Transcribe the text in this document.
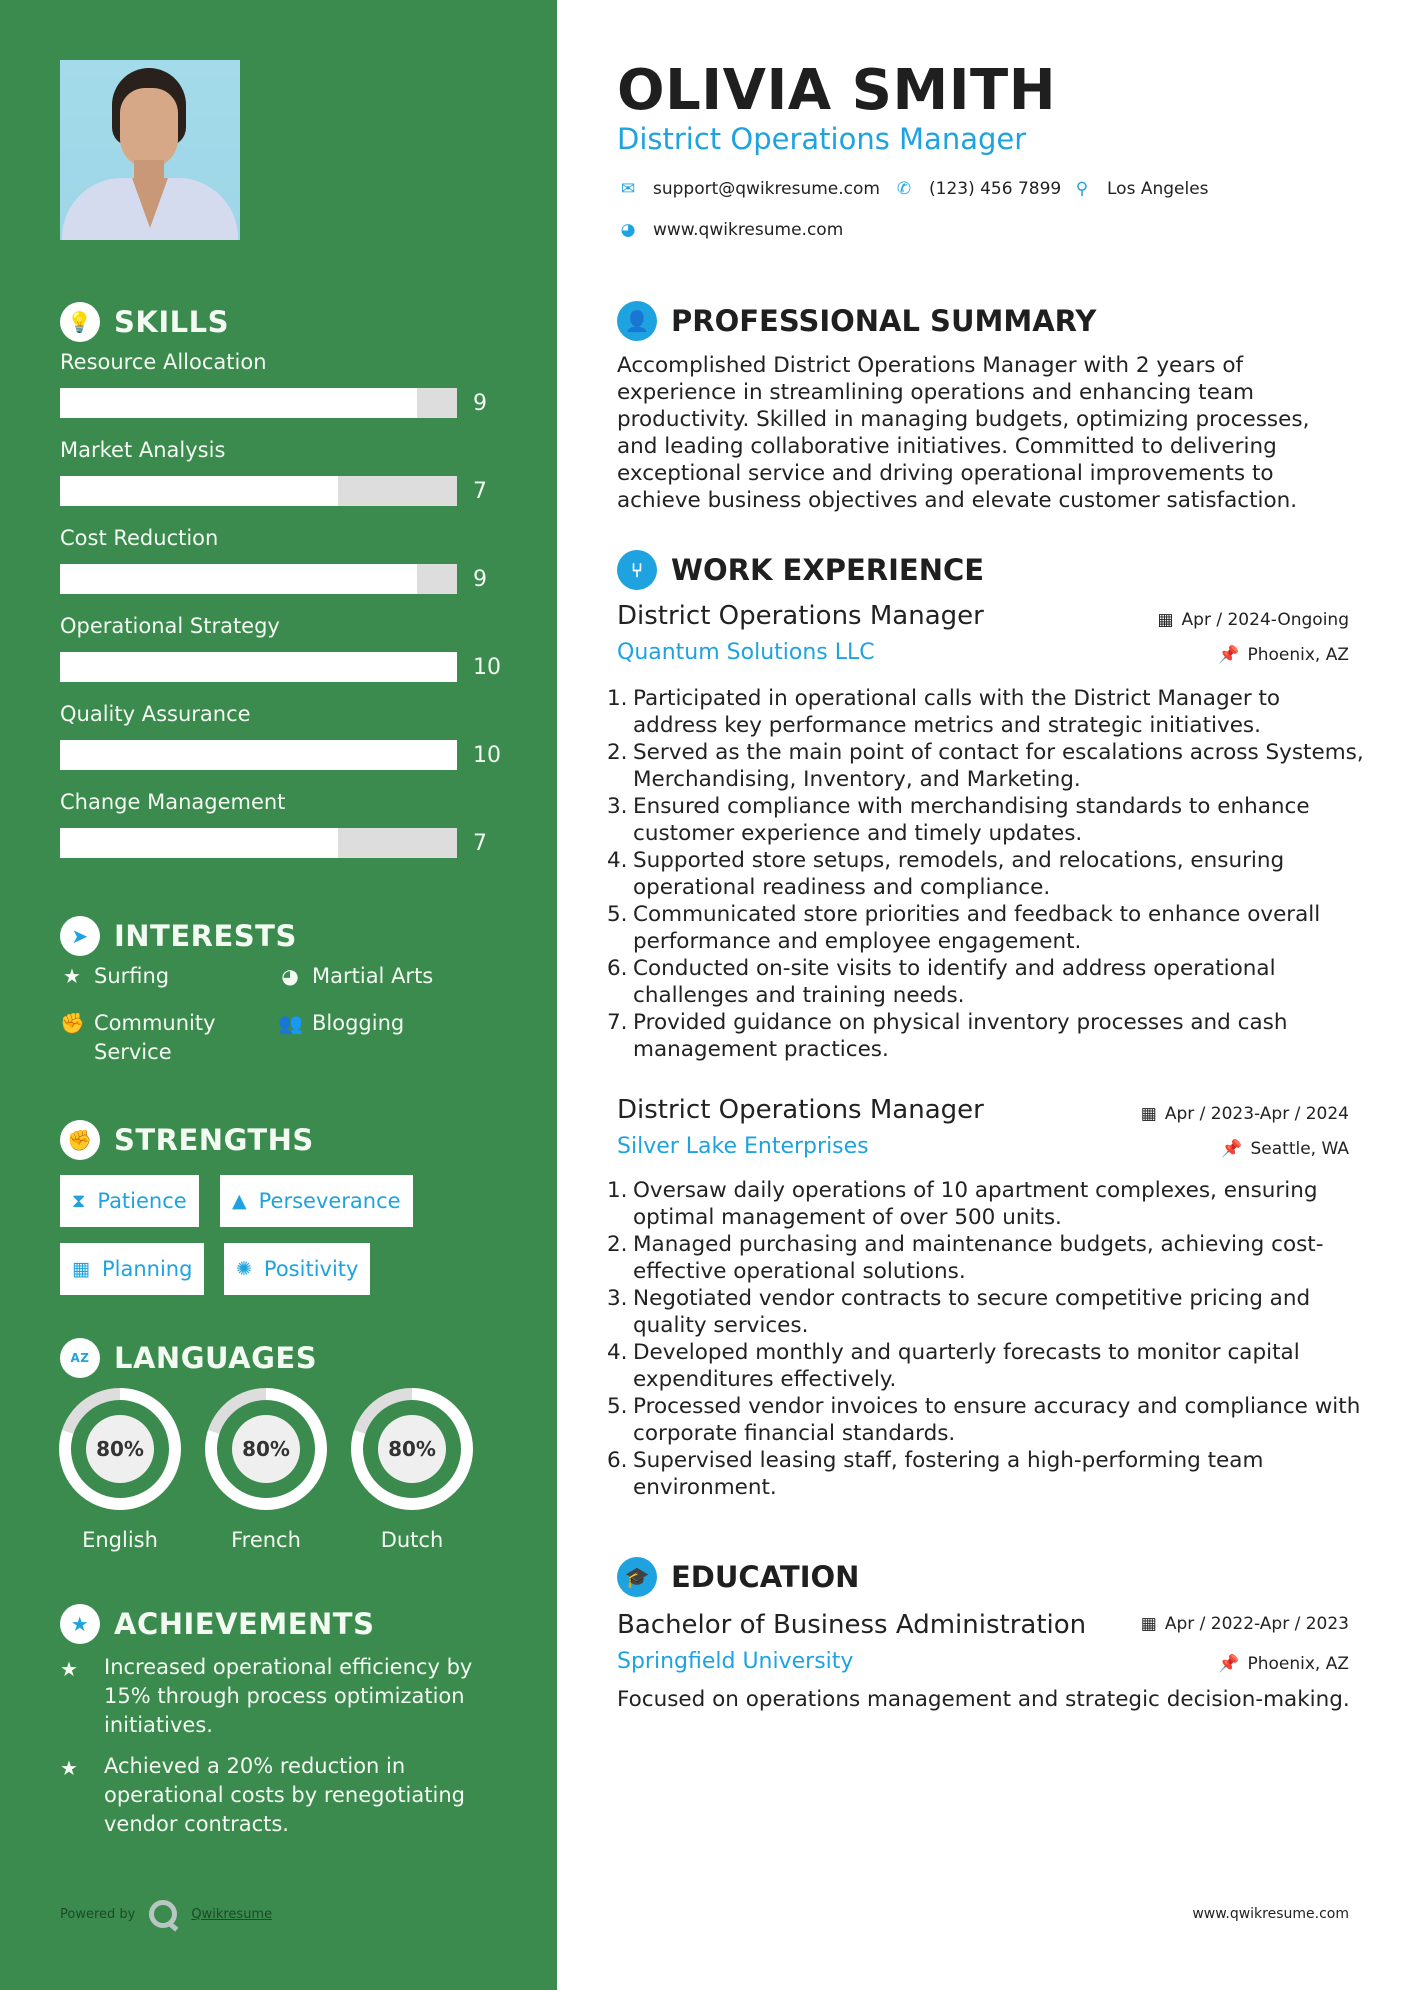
💡 SKILLS
Resource Allocation
9
Market Analysis
7
Cost Reduction
9
Operational Strategy
10
Quality Assurance
10
Change Management
7
➤ INTERESTS
★ Surfing	◕ Martial Arts
✊ Community
Service
👥 Blogging
✊ STRENGTHS
⧗ Patience ▲ Perseverance
▦ Planning ✺ Positivity
AZ LANGUAGES
80%
English
80%
French
80%
Dutch
★ ACHIEVEMENTS
★	Increased operational efficiency by 15% through process optimization initiatives.
★	Achieved a 20% reduction in operational costs by renegotiating vendor contracts.
Powered by	Qwikresume
OLIVIA SMITH
District Operations Manager
✉ support@qwikresume.com ✆ (123) 456 7899 ⚲ Los Angeles
◕ www.qwikresume.com
👤 PROFESSIONAL SUMMARY

Accomplished District Operations Manager with 2 years of experience in streamlining operations and enhancing team productivity. Skilled in managing budgets, optimizing processes, and leading collaborative initiatives. Committed to delivering exceptional service and driving operational improvements to achieve business objectives and elevate customer satisfaction.

⑂ WORK EXPERIENCE
District Operations Manager	▦ Apr / 2024-Ongoing
Quantum Solutions LLC	📌 Phoenix, AZ
1. Participated in operational calls with the District Manager to address key performance metrics and strategic initiatives.
2. Served as the main point of contact for escalations across Systems, Merchandising, Inventory, and Marketing.
3. Ensured compliance with merchandising standards to enhance customer experience and timely updates.
4. Supported store setups, remodels, and relocations, ensuring operational readiness and compliance.
5. Communicated store priorities and feedback to enhance overall performance and employee engagement.
6. Conducted on-site visits to identify and address operational challenges and training needs.
7. Provided guidance on physical inventory processes and cash management practices.
District Operations Manager	▦ Apr / 2023-Apr / 2024
Silver Lake Enterprises	📌 Seattle, WA
1. Oversaw daily operations of 10 apartment complexes, ensuring optimal management of over 500 units.
2. Managed purchasing and maintenance budgets, achieving cost-effective operational solutions.
3. Negotiated vendor contracts to secure competitive pricing and quality services.
4. Developed monthly and quarterly forecasts to monitor capital expenditures effectively.
5. Processed vendor invoices to ensure accuracy and compliance with corporate financial standards.
6. Supervised leasing staff, fostering a high-performing team environment.
🎓 EDUCATION
Bachelor of Business Administration	▦ Apr / 2022-Apr / 2023
Springfield University	📌 Phoenix, AZ
Focused on operations management and strategic decision-making.
www.qwikresume.com
